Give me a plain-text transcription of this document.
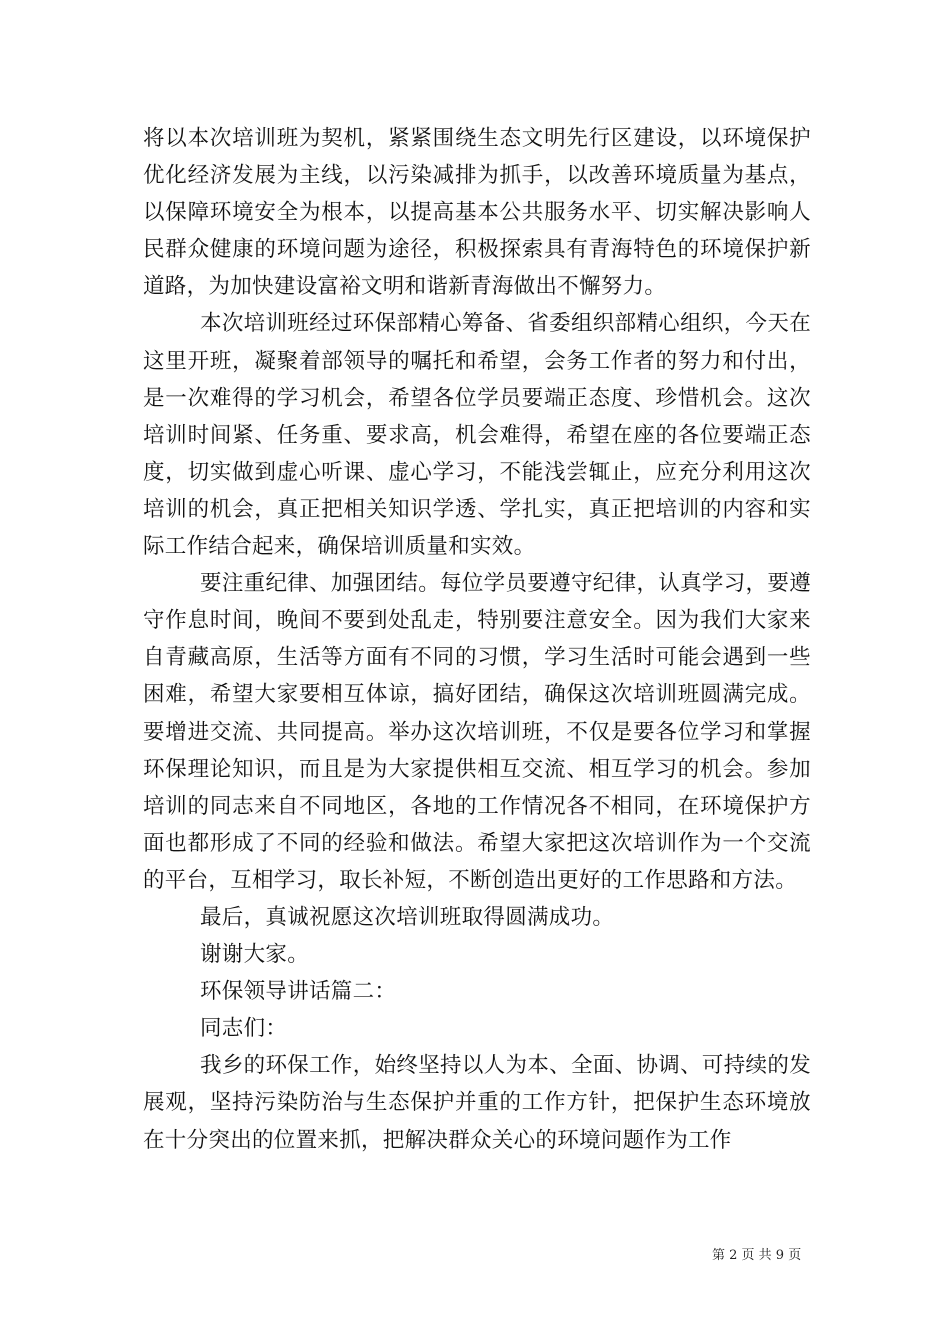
将以本次培训班为契机，紧紧围绕生态文明先行区建设，以环境保护优化经济发展为主线，以污染减排为抓手，以改善环境质量为基点，以保障环境安全为根本，以提高基本公共服务水平、切实解决影响人民群众健康的环境问题为途径，积极探索具有青海特色的环境保护新道路，为加快建设富裕文明和谐新青海做出不懈努力。

本次培训班经过环保部精心筹备、省委组织部精心组织，今天在这里开班，凝聚着部领导的嘱托和希望，会务工作者的努力和付出，是一次难得的学习机会，希望各位学员要端正态度、珍惜机会。这次培训时间紧、任务重、要求高，机会难得，希望在座的各位要端正态度，切实做到虚心听课、虚心学习，不能浅尝辄止，应充分利用这次培训的机会，真正把相关知识学透、学扎实，真正把培训的内容和实际工作结合起来，确保培训质量和实效。

要注重纪律、加强团结。每位学员要遵守纪律，认真学习，要遵守作息时间，晚间不要到处乱走，特别要注意安全。因为我们大家来自青藏高原，生活等方面有不同的习惯，学习生活时可能会遇到一些困难，希望大家要相互体谅，搞好团结，确保这次培训班圆满完成。要增进交流、共同提高。举办这次培训班，不仅是要各位学习和掌握环保理论知识，而且是为大家提供相互交流、相互学习的机会。参加培训的同志来自不同地区，各地的工作情况各不相同，在环境保护方面也都形成了不同的经验和做法。希望大家把这次培训作为一个交流的平台，互相学习，取长补短，不断创造出更好的工作思路和方法。

最后，真诚祝愿这次培训班取得圆满成功。

谢谢大家。

环保领导讲话篇二：

同志们：

我乡的环保工作，始终坚持以人为本、全面、协调、可持续的发展观，坚持污染防治与生态保护并重的工作方针，把保护生态环境放在十分突出的位置来抓，把解决群众关心的环境问题作为工作

第 2 页 共 9 页
